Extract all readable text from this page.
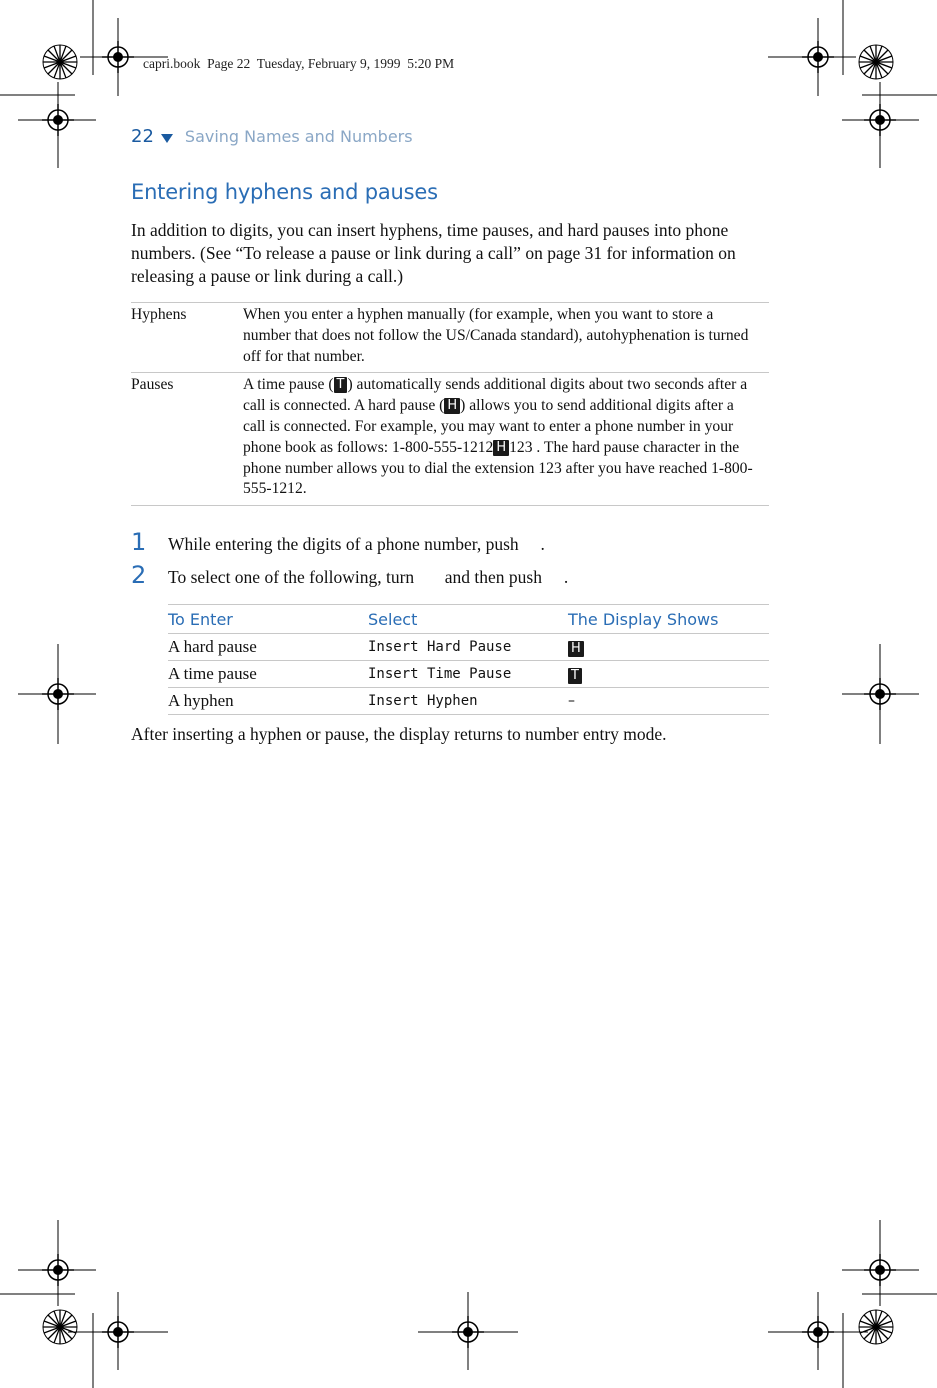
capri.book  Page 22  Tuesday, February 9, 1999  5:20 PM
22 Saving Names and Numbers
Entering hyphens and pauses

In addition to digits, you can insert hyphens, time pauses, and hard pauses into phone numbers. (See “To release a pause or link during a call” on page 31 for information on releasing a pause or link during a call.)

Hyphens	When you enter a hyphen manually (for example, when you want to store a number that does not follow the US/Canada standard), autohyphenation is turned off for that number.
Pauses	A time pause ( T ) automatically sends additional digits about two seconds after a call is connected. A hard pause ( H ) allows you to send additional digits after a call is connected. For example, you may want to enter a phone number in your phone book as follows: 1-800-555-1212 H 123 . The hard pause character in the phone number allows you to dial the extension 123 after you have reached 1-800-555-1212.
1	While entering the digits of a phone number, push     .
2	To select one of the following, turn       and then push     .
To Enter	Select	The Display Shows
A hard pause	Insert Hard Pause	H
A time pause	Insert Time Pause	T
A hyphen	Insert Hyphen	–
After inserting a hyphen or pause, the display returns to number entry mode.
